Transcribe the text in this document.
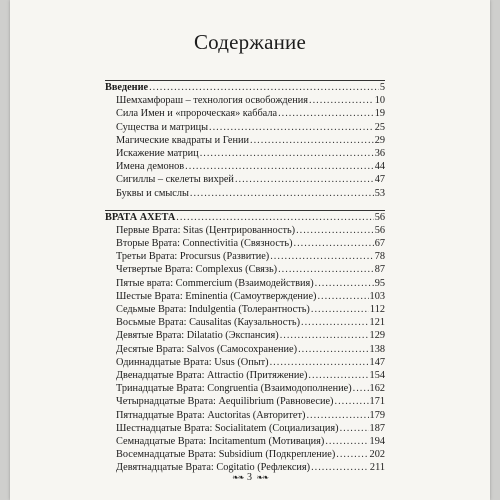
Содержание
Введение .....	5
Шемхамфораш – технология освобождения .....	10
Сила Имен и «пророческая» каббала .....	19
Существа и матрицы .....	25
Магические квадраты и Гении .....	29
Искажение матриц .....	36
Имена демонов .....	44
Сигиллы – скелеты вихрей .....	47
Буквы и смыслы .....	53
ВРАТА АХЕТА .....	56
Первые Врата: Sitas (Центрированность) .....	56
Вторые Врата: Connectivitia (Связность) .....	67
Третьи Врата: Procursus (Развитие) .....	78
Четвертые Врата: Complexus (Связь) .....	87
Пятые врата: Commercium (Взаимодействия) .....	95
Шестые Врата: Eminentia (Самоутверждение) .....	103
Седьмые Врата: Indulgentia (Толерантность) .....	112
Восьмые Врата: Causalitas (Каузальность) .....	121
Девятые Врата: Dilatatio (Экспансия) .....	129
Десятые Врата: Salvos (Самосохранение) .....	138
Одиннадцатые Врата: Usus (Опыт) .....	147
Двенадцатые Врата: Attractio (Притяжение) .....	154
Тринадцатые Врата: Congruentia (Взаимодополнение) ..... 162
Четырнадцатые Врата: Aequilibrium (Равновесие) .....	171
Пятнадцатые Врата: Auctoritas (Авторитет) .....	179
Шестнадцатые Врата: Socialitatem (Социализация) .....	187
Семнадцатые Врата: Incitamentum (Мотивация) .....	194
Восемнадцатые Врата: Subsidium (Подкрепление) .....	202
Девятнадцатые Врата: Cogitatio (Рефлексия) .....	211
❧❧ 3 ❧❧
